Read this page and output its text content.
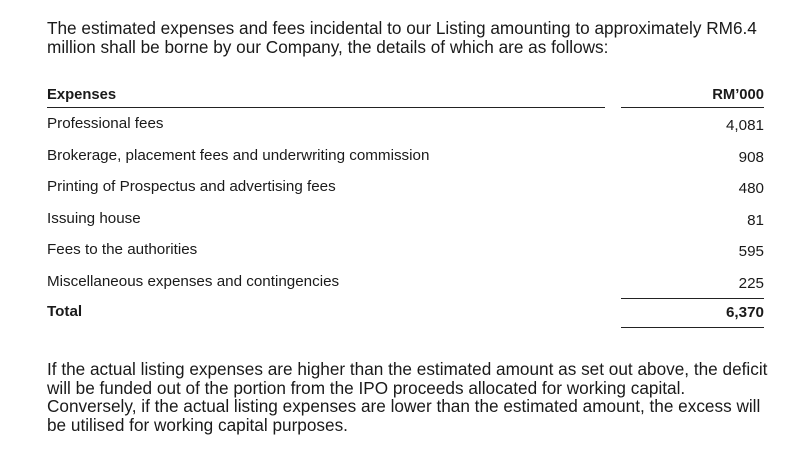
The estimated expenses and fees incidental to our Listing amounting to approximately RM6.4 million shall be borne by our Company, the details of which are as follows:

Expenses	RM’000
Professional fees	4,081
Brokerage, placement fees and underwriting commission	908
Printing of Prospectus and advertising fees	480
Issuing house	81
Fees to the authorities	595
Miscellaneous expenses and contingencies	225
Total	6,370

If the actual listing expenses are higher than the estimated amount as set out above, the deficit will be funded out of the portion from the IPO proceeds allocated for working capital. Conversely, if the actual listing expenses are lower than the estimated amount, the excess will be utilised for working capital purposes.
